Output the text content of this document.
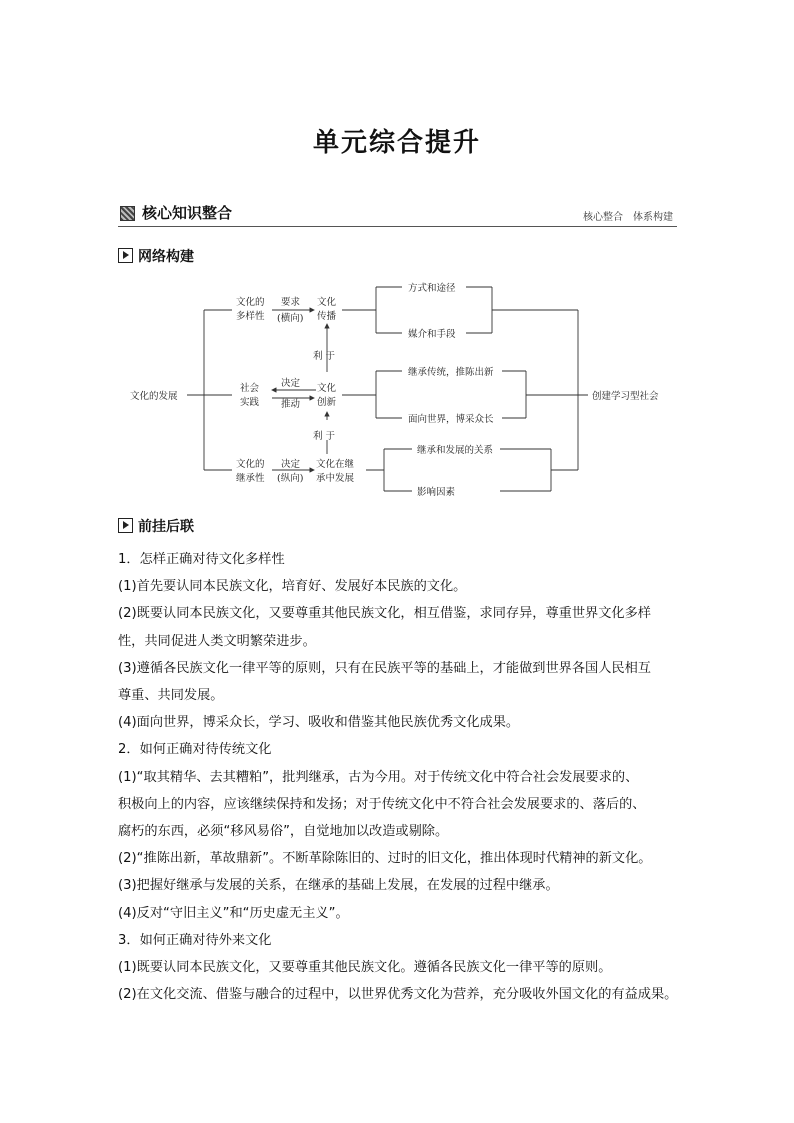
单元综合提升
核心知识整合	核心整合　体系构建
网络构建
文化的发展
文化的
多样性
社会
实践
文化的
继承性
要求
(横向)
决定
推动
决定
(纵向)
文化
传播
文化
创新
文化在继
承中发展
利 于
利 于
方式和途径
媒介和手段
继承传统，推陈出新
面向世界，博采众长
继承和发展的关系
影响因素
创建学习型社会
前挂后联

1．怎样正确对待文化多样性

(1)首先要认同本民族文化，培育好、发展好本民族的文化。

(2)既要认同本民族文化，又要尊重其他民族文化，相互借鉴，求同存异，尊重世界文化多样

性，共同促进人类文明繁荣进步。

(3)遵循各民族文化一律平等的原则，只有在民族平等的基础上，才能做到世界各国人民相互

尊重、共同发展。

(4)面向世界，博采众长，学习、吸收和借鉴其他民族优秀文化成果。

2．如何正确对待传统文化

(1)“取其精华、去其糟粕”，批判继承，古为今用。对于传统文化中符合社会发展要求的、

积极向上的内容，应该继续保持和发扬；对于传统文化中不符合社会发展要求的、落后的、

腐朽的东西，必须“移风易俗”，自觉地加以改造或剔除。

(2)“推陈出新，革故鼎新”。不断革除陈旧的、过时的旧文化，推出体现时代精神的新文化。

(3)把握好继承与发展的关系，在继承的基础上发展，在发展的过程中继承。

(4)反对“守旧主义”和“历史虚无主义”。

3．如何正确对待外来文化

(1)既要认同本民族文化，又要尊重其他民族文化。遵循各民族文化一律平等的原则。

(2)在文化交流、借鉴与融合的过程中，以世界优秀文化为营养，充分吸收外国文化的有益成果。
